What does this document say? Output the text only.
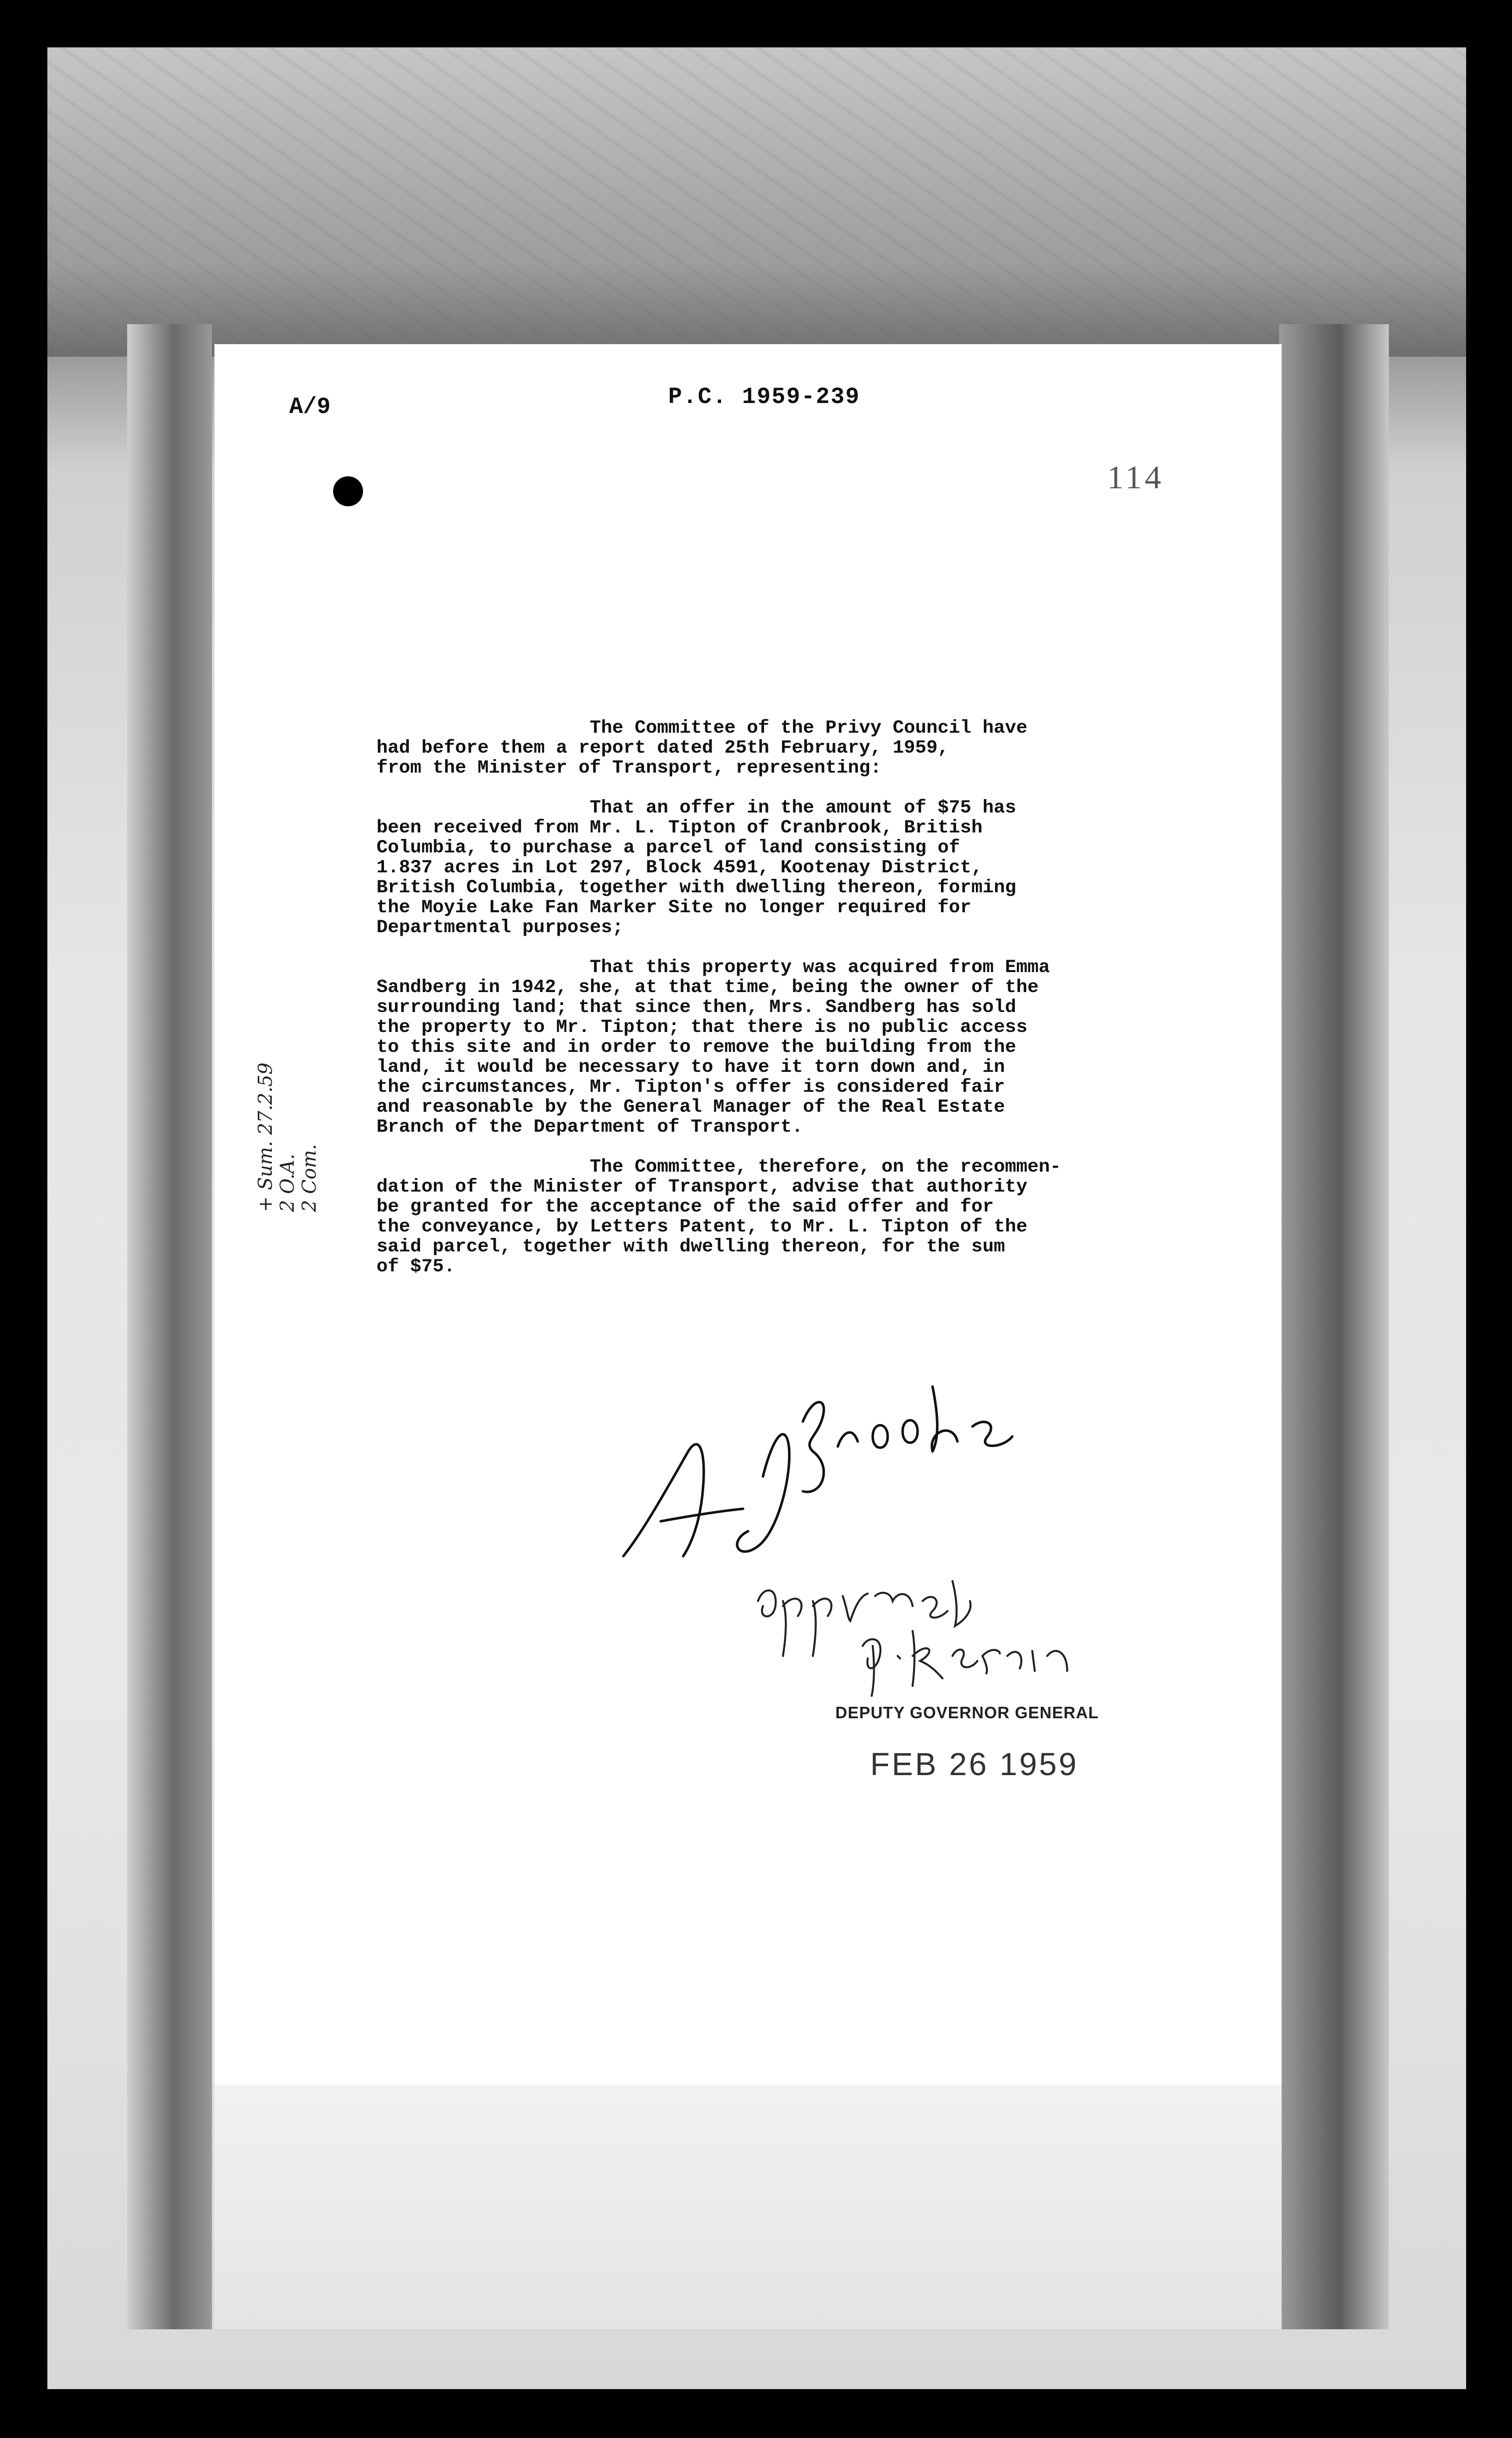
A/9	P.C. 1959-239
114
+ Sum. 27.2.59
2 O.A.
2 Com.

The Committee of the Privy Council have
had before them a report dated 25th February, 1959,
from the Minister of Transport, representing:

That an offer in the amount of $75 has
been received from Mr. L. Tipton of Cranbrook, British
Columbia, to purchase a parcel of land consisting of
1.837 acres in Lot 297, Block 4591, Kootenay District,
British Columbia, together with dwelling thereon, forming
the Moyie Lake Fan Marker Site no longer required for
Departmental purposes;

That this property was acquired from Emma
Sandberg in 1942, she, at that time, being the owner of the
surrounding land; that since then, Mrs. Sandberg has sold
the property to Mr. Tipton; that there is no public access
to this site and in order to remove the building from the
land, it would be necessary to have it torn down and, in
the circumstances, Mr. Tipton's offer is considered fair
and reasonable by the General Manager of the Real Estate
Branch of the Department of Transport.

The Committee, therefore, on the recommen-
dation of the Minister of Transport, advise that authority
be granted for the acceptance of the said offer and for
the conveyance, by Letters Patent, to Mr. L. Tipton of the
said parcel, together with dwelling thereon, for the sum
of $75.

DEPUTY GOVERNOR GENERAL
FEB 26 1959
